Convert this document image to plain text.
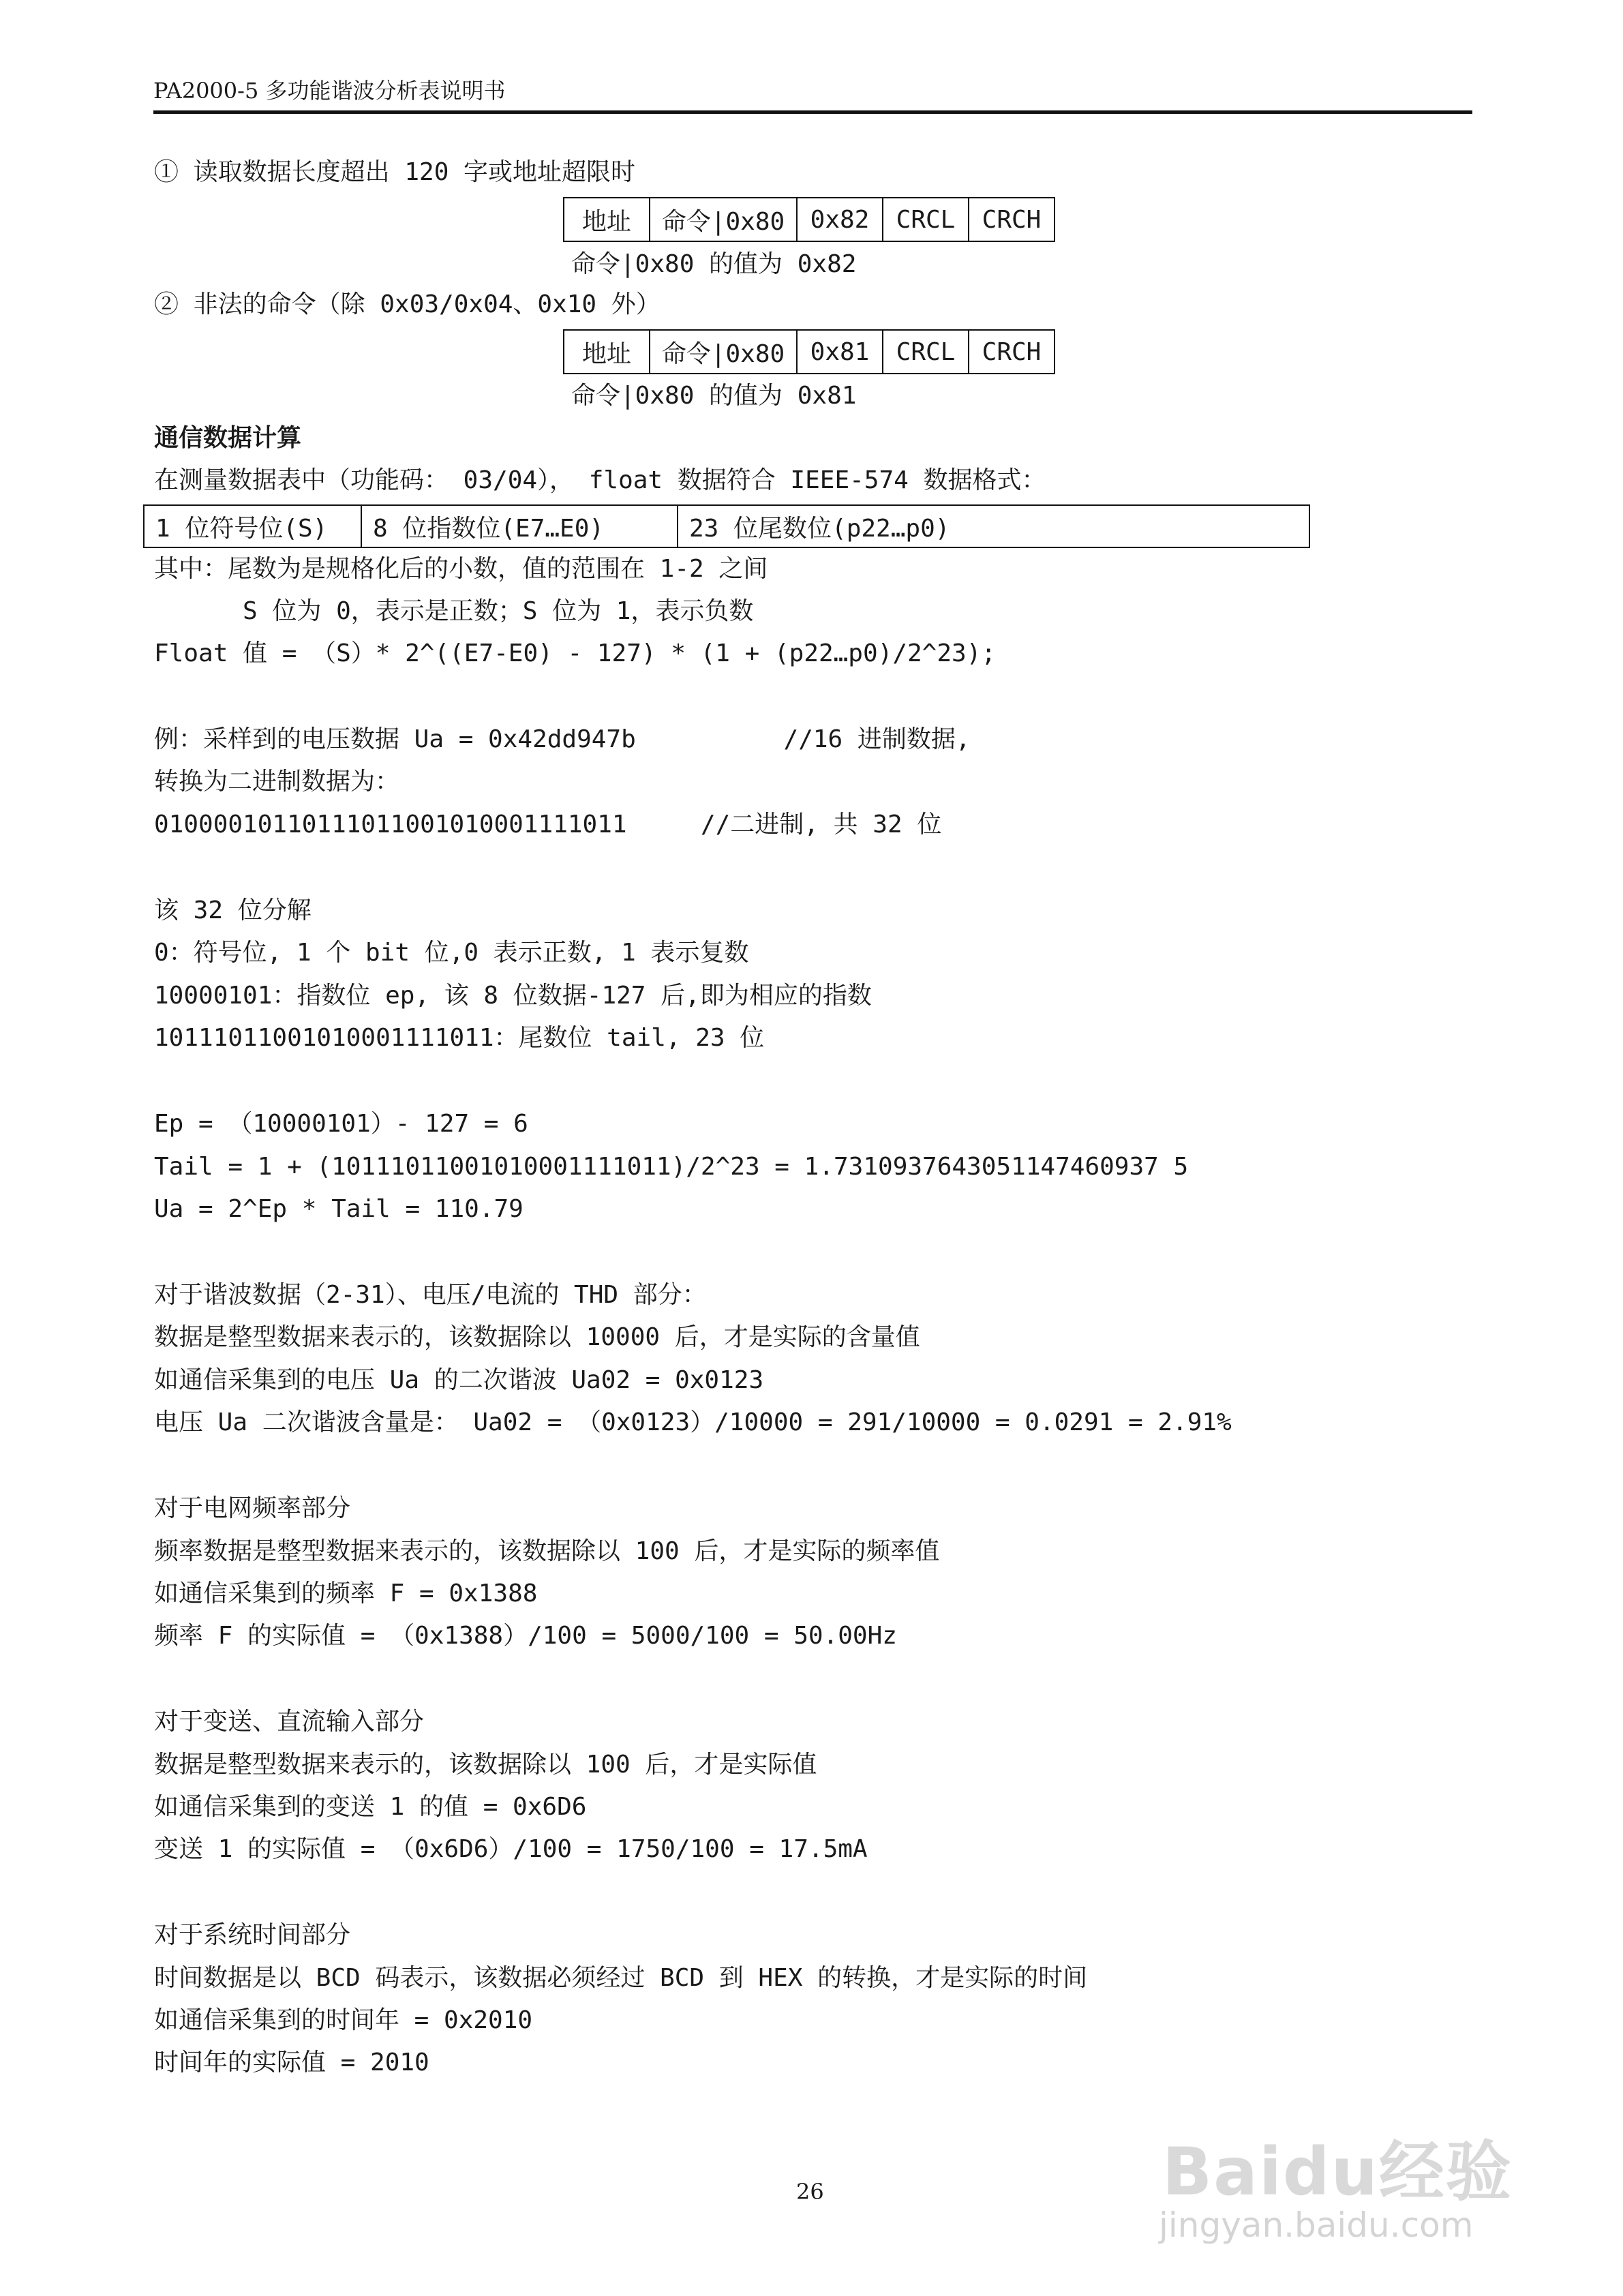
PA2000-5 多功能谐波分析表说明书
① 读取数据长度超出 120 字或地址超限时
地址	命令|0x80	0x82	CRCL	CRCH
命令|0x80 的值为 0x82
② 非法的命令（除 0x03/0x04、0x10 外）
地址	命令|0x80	0x81	CRCL	CRCH
命令|0x80 的值为 0x81
通信数据计算
在测量数据表中（功能码： 03/04）， float 数据符合 IEEE-574 数据格式：
1 位符号位(S)	8 位指数位(E7…E0)	23 位尾数位(p22…p0)
其中：尾数为是规格化后的小数，值的范围在 1-2 之间
S 位为 0，表示是正数；S 位为 1，表示负数
Float 值 = （S）* 2^((E7-E0) - 127) * (1 + (p22…p0)/2^23);
例：采样到的电压数据 Ua = 0x42dd947b          //16 进制数据,
转换为二进制数据为：
01000010110111011001010001111011     //二进制, 共 32 位
该 32 位分解
0：符号位, 1 个 bit 位,0 表示正数, 1 表示复数
10000101：指数位 ep, 该 8 位数据-127 后,即为相应的指数
10111011001010001111011：尾数位 tail, 23 位
Ep = （10000101）- 127 = 6
Tail = 1 + (10111011001010001111011)/2^23 = 1.7310937643051147460937 5
Ua = 2^Ep * Tail = 110.79
对于谐波数据（2-31）、电压/电流的 THD 部分：
数据是整型数据来表示的，该数据除以 10000 后，才是实际的含量值
如通信采集到的电压 Ua 的二次谐波 Ua02 = 0x0123
电压 Ua 二次谐波含量是： Ua02 = （0x0123）/10000 = 291/10000 = 0.0291 = 2.91%
对于电网频率部分
频率数据是整型数据来表示的，该数据除以 100 后，才是实际的频率值
如通信采集到的频率 F = 0x1388
频率 F 的实际值 = （0x1388）/100 = 5000/100 = 50.00Hz
对于变送、直流输入部分
数据是整型数据来表示的，该数据除以 100 后，才是实际值
如通信采集到的变送 1 的值 = 0x6D6
变送 1 的实际值 = （0x6D6）/100 = 1750/100 = 17.5mA
对于系统时间部分
时间数据是以 BCD 码表示，该数据必须经过 BCD 到 HEX 的转换，才是实际的时间
如通信采集到的时间年 = 0x2010
时间年的实际值 = 2010
26	Baidu经验
jingyan.baidu.com
